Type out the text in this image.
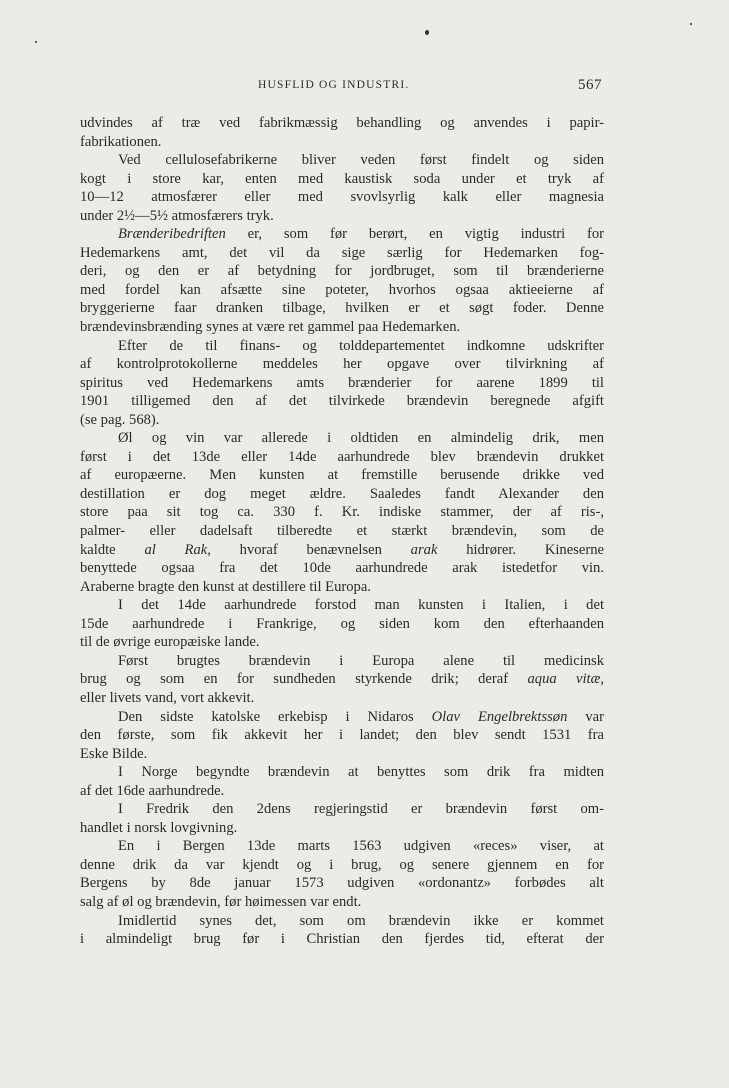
HUSFLID OG INDUSTRI.	567
udvindes af træ ved fabrikmæssig behandling og anvendes i papir-
fabrikationen.
Ved cellulosefabrikerne bliver veden først findelt og siden
kogt i store kar, enten med kaustisk soda under et tryk af
10—12 atmosfærer eller med svovlsyrlig kalk eller magnesia
under 2½—5½ atmosfærers tryk.
Brænderibedriften er, som før berørt, en vigtig industri for
Hedemarkens amt, det vil da sige særlig for Hedemarken fog-
deri, og den er af betydning for jordbruget, som til brænderierne
med fordel kan afsætte sine poteter, hvorhos ogsaa aktieeierne af
bryggerierne faar dranken tilbage, hvilken er et søgt foder. Denne
brændevinsbrænding synes at være ret gammel paa Hedemarken.
Efter de til finans- og tolddepartementet indkomne udskrifter
af kontrolprotokollerne meddeles her opgave over tilvirkning af
spiritus ved Hedemarkens amts brænderier for aarene 1899 til
1901 tilligemed den af det tilvirkede brændevin beregnede afgift
(se pag. 568).
Øl og vin var allerede i oldtiden en almindelig drik, men
først i det 13de eller 14de aarhundrede blev brændevin drukket
af europæerne. Men kunsten at fremstille berusende drikke ved
destillation er dog meget ældre. Saaledes fandt Alexander den
store paa sit tog ca. 330 f. Kr. indiske stammer, der af ris-,
palmer- eller dadelsaft tilberedte et stærkt brændevin, som de
kaldte al Rak, hvoraf benævnelsen arak hidrører. Kineserne
benyttede ogsaa fra det 10de aarhundrede arak istedetfor vin.
Araberne bragte den kunst at destillere til Europa.
I det 14de aarhundrede forstod man kunsten i Italien, i det
15de aarhundrede i Frankrige, og siden kom den efterhaanden
til de øvrige europæiske lande.
Først brugtes brændevin i Europa alene til medicinsk
brug og som en for sundheden styrkende drik; deraf aqua vitæ,
eller livets vand, vort akkevit.
Den sidste katolske erkebisp i Nidaros Olav Engelbrektssøn var
den første, som fik akkevit her i landet; den blev sendt 1531 fra
Eske Bilde.
I Norge begyndte brændevin at benyttes som drik fra midten
af det 16de aarhundrede.
I Fredrik den 2dens regjeringstid er brændevin først om-
handlet i norsk lovgivning.
En i Bergen 13de marts 1563 udgiven «reces» viser, at
denne drik da var kjendt og i brug, og senere gjennem en for
Bergens by 8de januar 1573 udgiven «ordonantz» forbødes alt
salg af øl og brændevin, før høimessen var endt.
Imidlertid synes det, som om brændevin ikke er kommet
i almindeligt brug før i Christian den fjerdes tid, efterat der
